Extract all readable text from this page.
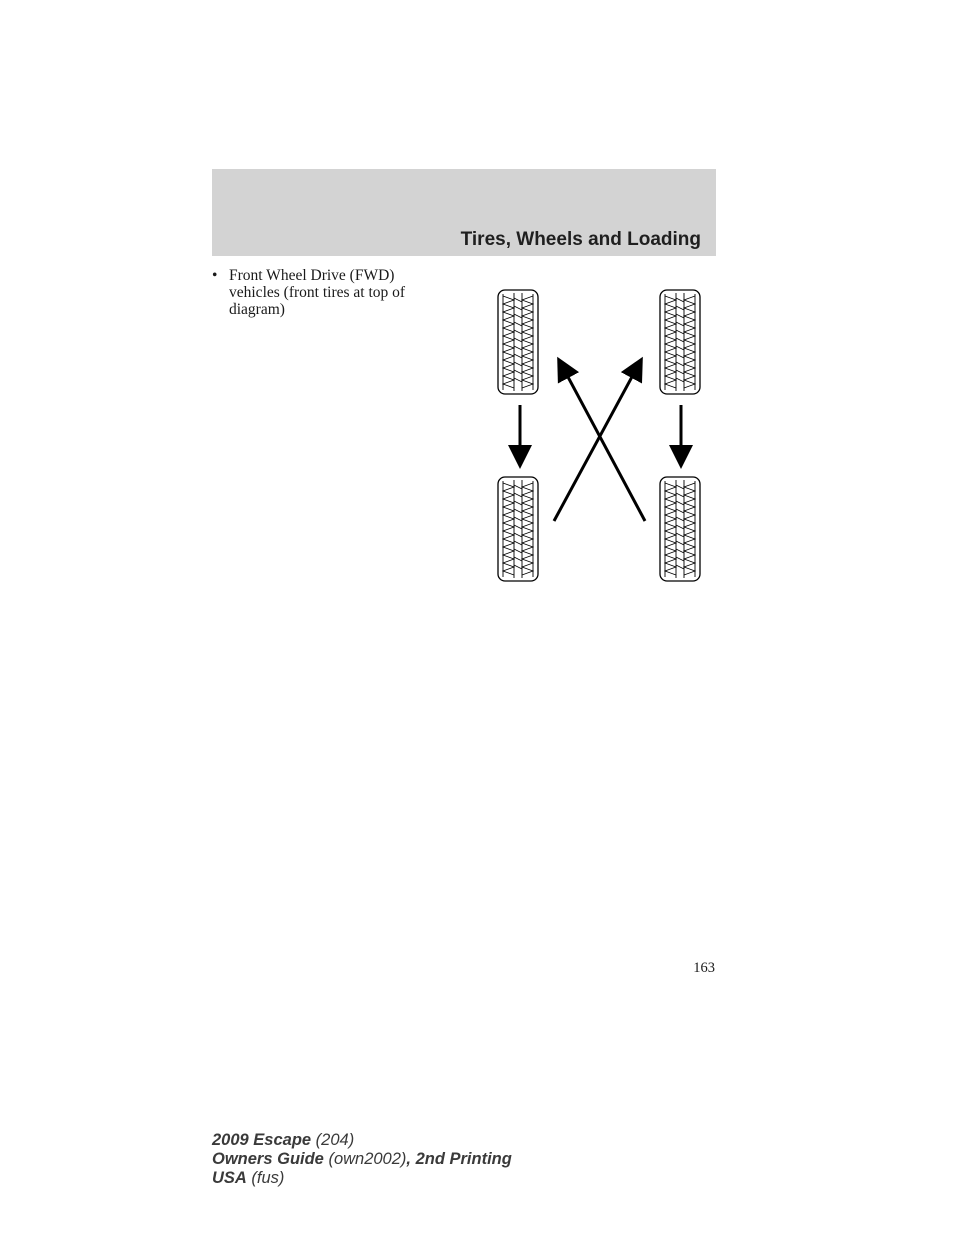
Tires, Wheels and Loading
• Front Wheel Drive (FWD)
vehicles (front tires at top of
diagram)
163
2009 Escape (204)
Owners Guide (own2002), 2nd Printing
USA (fus)
